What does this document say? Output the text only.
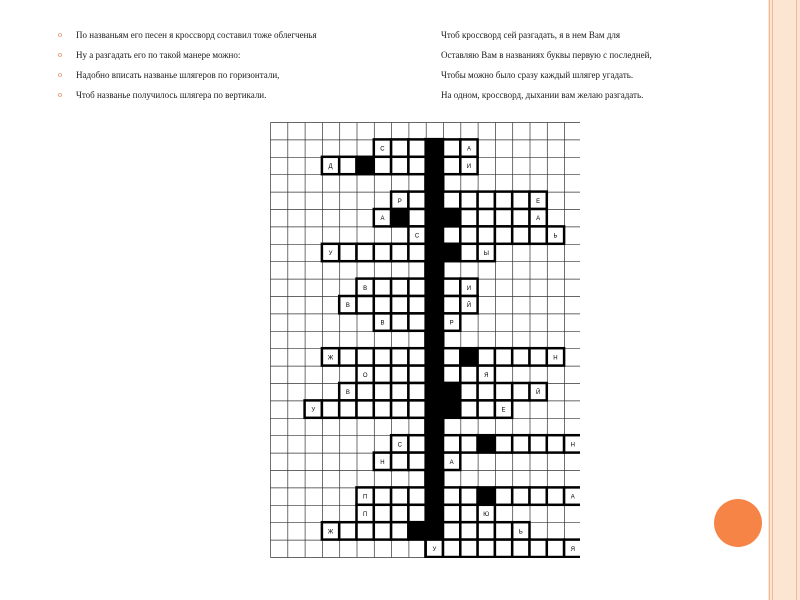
o По названьям его песен я кроссворд составил тоже облегченья	Чтоб кроссворд сей разгадать, я в нем Вам для
o Ну а разгадать его по такой манере можно:	Оставляю Вам в названиях буквы первую с последней,
o Надобно вписать названье шлягеров по горизонтали,	Чтобы можно было сразу каждый шлягер угадать.
o Чтоб названье получилось шлягера по вертикали.	На одном, кроссворд, дыхании вам желаю разгадать.
С	А
Д	И
Р	Е
А	А
С	Ь
У	Ы
В	И
В	Й
В	Р
Ж	Н
О	Я
В	Й
У	Е
С	Н
Н	А
П	А
П	Ю
Ж	Ь
У	Я
